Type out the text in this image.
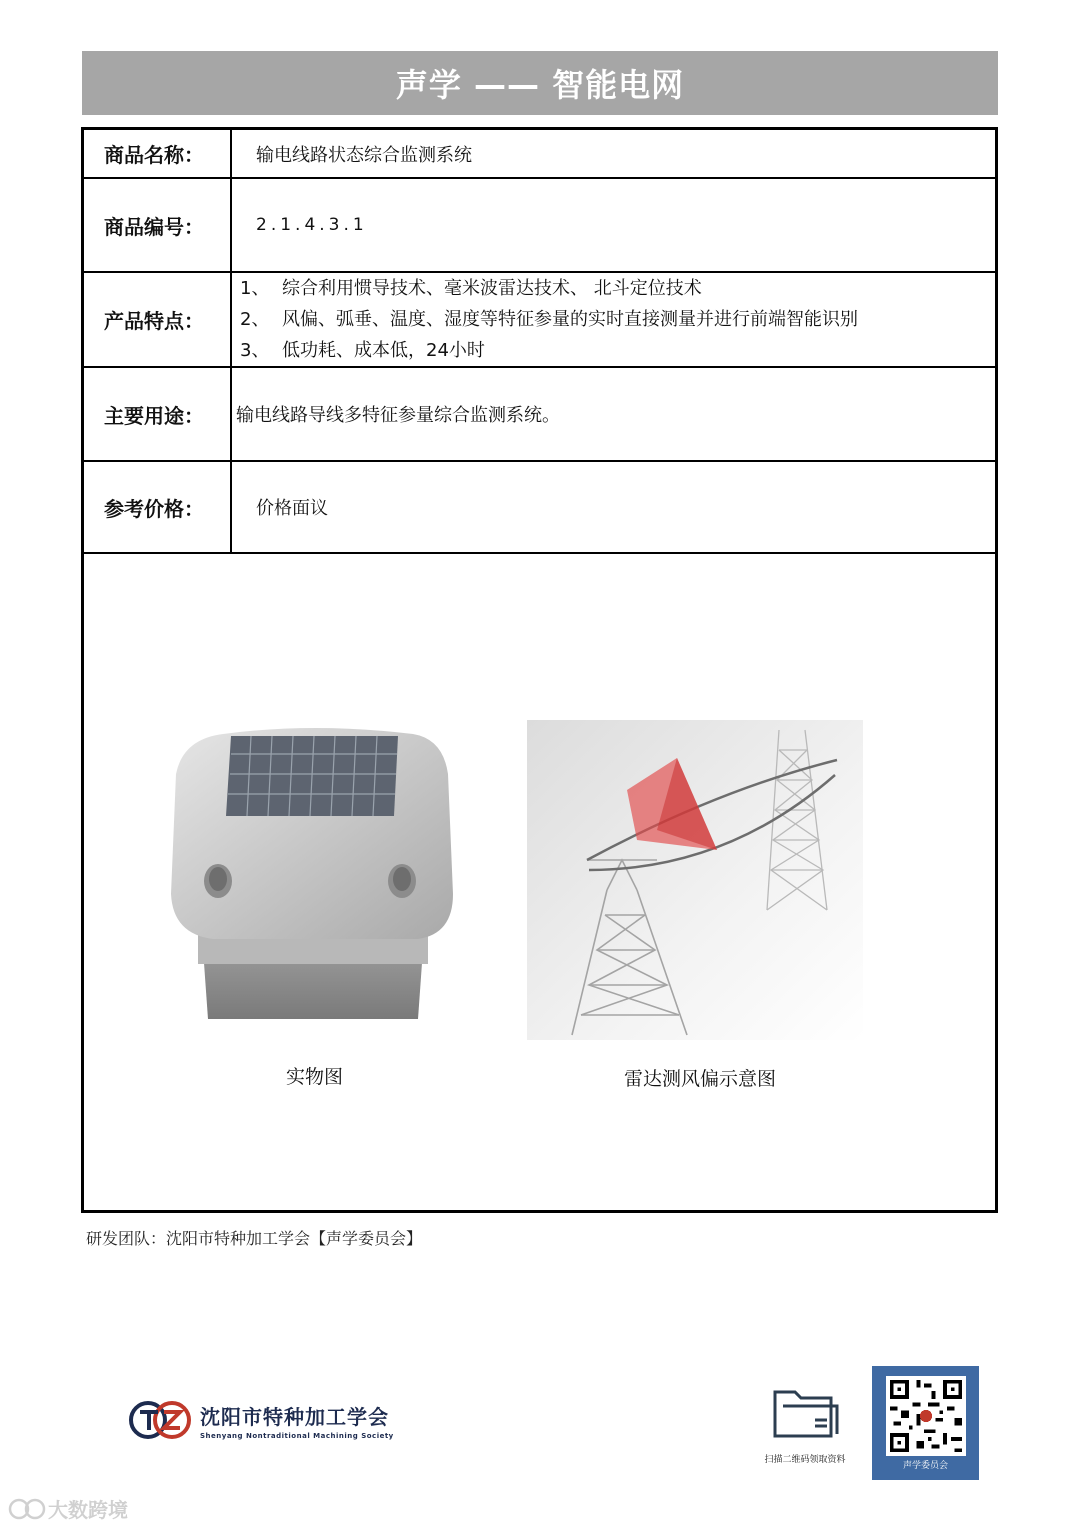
声学 —— 智能电网
商品名称：	输电线路状态综合监测系统
商品编号：	2.1.4.3.1
产品特点：
1、 综合利用惯导技术、毫米波雷达技术、 北斗定位技术
2、 风偏、弧垂、温度、湿度等特征参量的实时直接测量并进行前端智能识别
3、 低功耗、成本低，24小时
主要用途：	输电线路导线多特征参量综合监测系统。
参考价格：	价格面议
实物图	雷达测风偏示意图
研发团队：沈阳市特种加工学会【声学委员会】
沈阳市特种加工学会
Shenyang Nontraditional Machining Society
扫描二维码领取资料
声学委员会
大数跨境
